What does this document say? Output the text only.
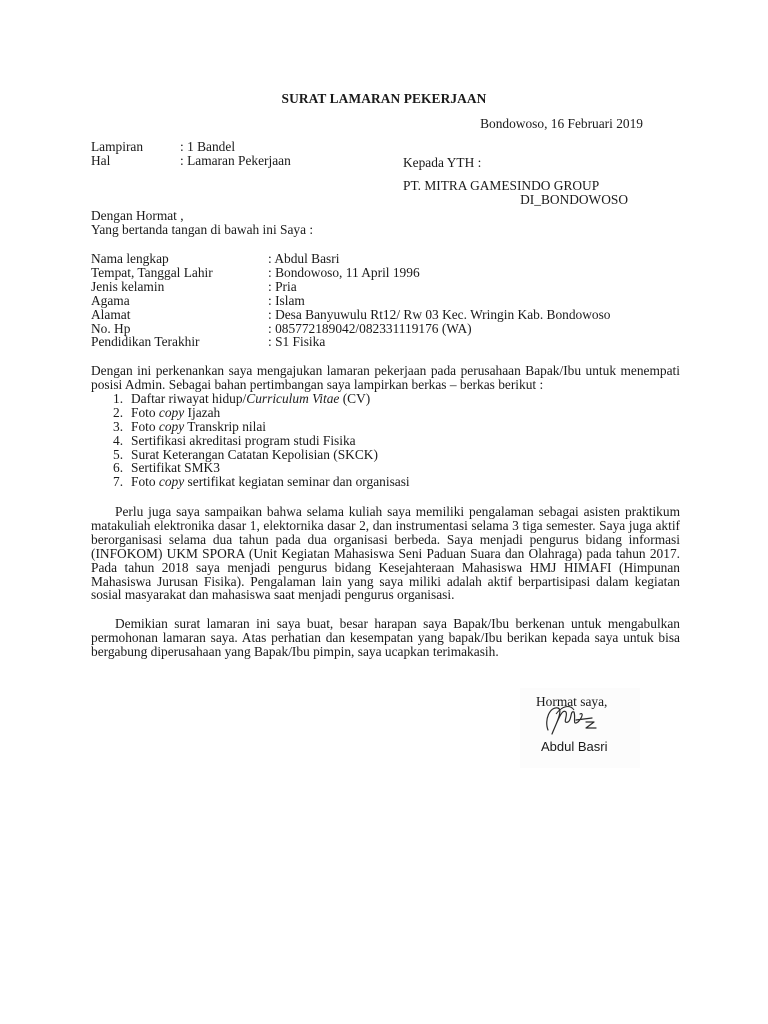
SURAT LAMARAN PEKERJAAN
Bondowoso, 16 Februari 2019
Lampiran	: 1 Bandel
Hal	: Lamaran Pekerjaan	Kepada YTH :
PT. MITRA GAMESINDO GROUP
DI_BONDOWOSO
Dengan Hormat ,
Yang bertanda tangan di bawah ini Saya :
Nama lengkap	: Abdul Basri
Tempat, Tanggal Lahir	: Bondowoso, 11 April 1996
Jenis kelamin	: Pria
Agama	: Islam
Alamat	: Desa Banyuwulu Rt12/ Rw 03 Kec. Wringin Kab. Bondowoso
No. Hp	: 085772189042/082331119176 (WA)
Pendidikan Terakhir	: S1 Fisika
Dengan ini perkenankan saya mengajukan lamaran pekerjaan pada perusahaan Bapak/Ibu untuk menempati posisi Admin. Sebagai bahan pertimbangan saya lampirkan berkas – berkas berikut :
1. Daftar riwayat hidup/Curriculum Vitae (CV)
2. Foto copy Ijazah
3. Foto copy Transkrip nilai
4. Sertifikasi akreditasi program studi Fisika
5. Surat Keterangan Catatan Kepolisian (SKCK)
6. Sertifikat SMK3
7. Foto copy sertifikat kegiatan seminar dan organisasi
Perlu juga saya sampaikan bahwa selama kuliah saya memiliki pengalaman sebagai asisten praktikum matakuliah elektronika dasar 1, elektornika dasar 2, dan instrumentasi selama 3 tiga semester. Saya juga aktif berorganisasi selama dua tahun pada dua organisasi berbeda. Saya menjadi pengurus bidang informasi (INFOKOM) UKM SPORA (Unit Kegiatan Mahasiswa Seni Paduan Suara dan Olahraga) pada tahun 2017. Pada tahun 2018 saya menjadi pengurus bidang Kesejahteraan Mahasiswa HMJ HIMAFI (Himpunan Mahasiswa Jurusan Fisika). Pengalaman lain yang saya miliki adalah aktif berpartisipasi dalam kegiatan sosial masyarakat dan mahasiswa saat menjadi pengurus organisasi.
Demikian surat lamaran ini saya buat, besar harapan saya Bapak/Ibu berkenan untuk mengabulkan permohonan lamaran saya. Atas perhatian dan kesempatan yang bapak/Ibu berikan kepada saya untuk bisa bergabung diperusahaan yang Bapak/Ibu pimpin, saya ucapkan terimakasih.
Hormat saya,
Abdul Basri
